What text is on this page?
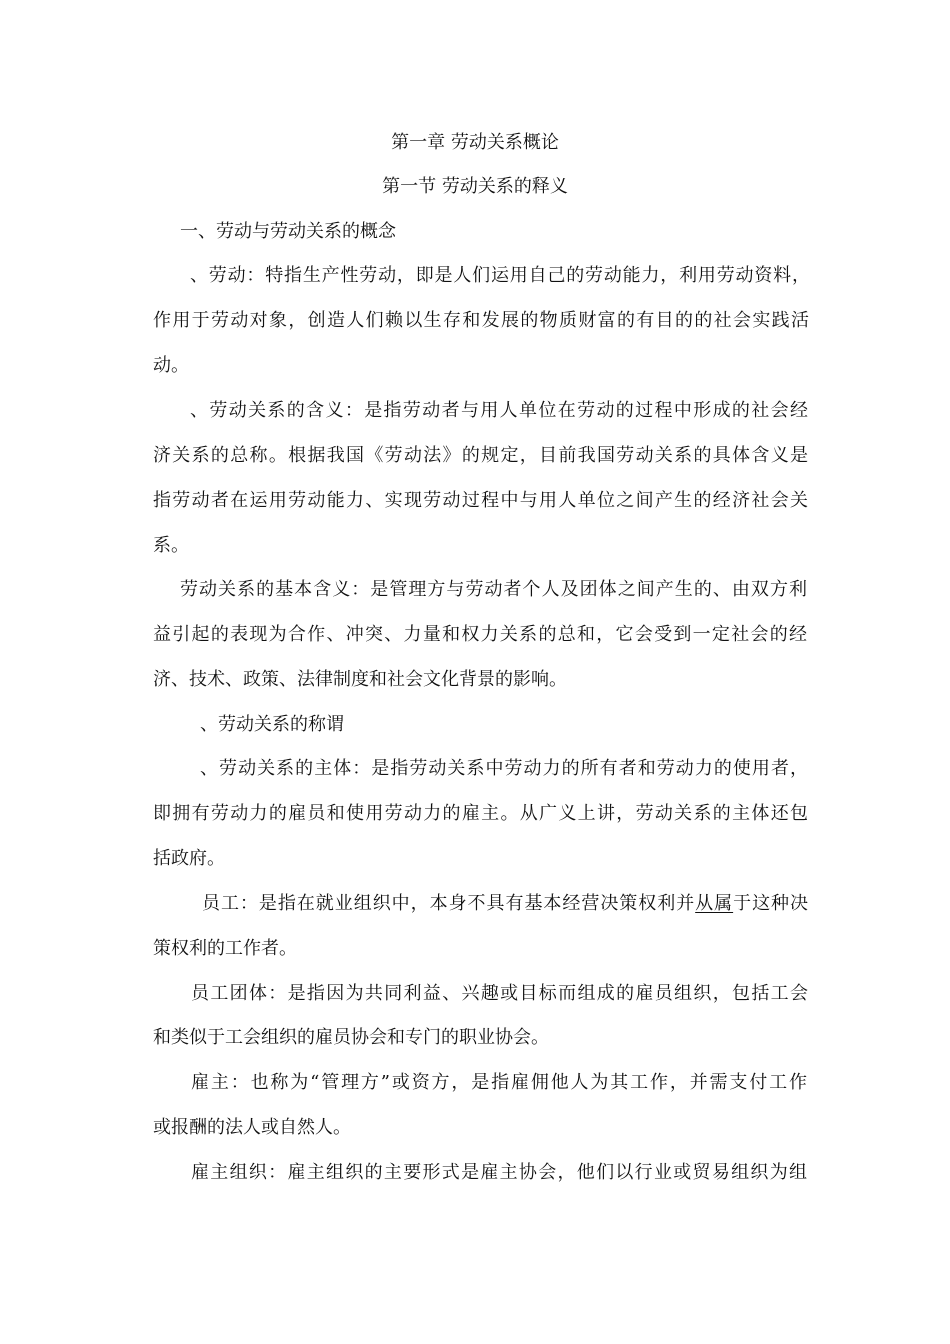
第一章 劳动关系概论
第一节 劳动关系的释义
一、劳动与劳动关系的概念
、劳动：特指生产性劳动，即是人们运用自己的劳动能力，利用劳动资料，
作用于劳动对象，创造人们赖以生存和发展的物质财富的有目的的社会实践活
动。
、劳动关系的含义：是指劳动者与用人单位在劳动的过程中形成的社会经
济关系的总称。根据我国《劳动法》的规定，目前我国劳动关系的具体含义是
指劳动者在运用劳动能力、实现劳动过程中与用人单位之间产生的经济社会关
系。
劳动关系的基本含义：是管理方与劳动者个人及团体之间产生的、由双方利
益引起的表现为合作、冲突、力量和权力关系的总和，它会受到一定社会的经
济、技术、政策、法律制度和社会文化背景的影响。
、劳动关系的称谓
、劳动关系的主体：是指劳动关系中劳动力的所有者和劳动力的使用者，
即拥有劳动力的雇员和使用劳动力的雇主。从广义上讲，劳动关系的主体还包
括政府。
员工：是指在就业组织中，本身不具有基本经营决策权利并从属于这种决
策权利的工作者。
员工团体：是指因为共同利益、兴趣或目标而组成的雇员组织，包括工会
和类似于工会组织的雇员协会和专门的职业协会。
雇主：也称为“管理方”或资方，是指雇佣他人为其工作，并需支付工作
或报酬的法人或自然人。
雇主组织：雇主组织的主要形式是雇主协会，他们以行业或贸易组织为组
